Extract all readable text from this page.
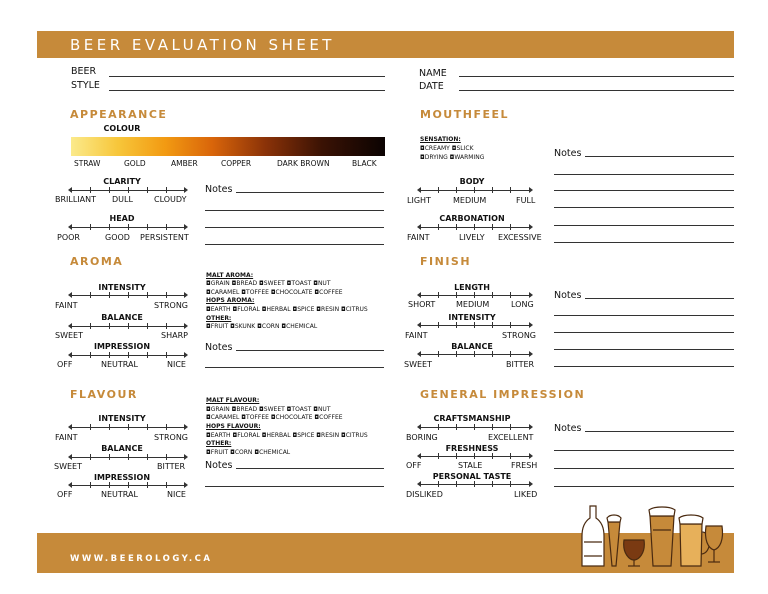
BEER EVALUATION SHEET
BEER
STYLE
NAME
DATE
APPEARANCE
COLOUR
STRAW	GOLD	AMBER	COPPER	DARK BROWN	BLACK
CLARITY
BRILLIANT DULL	CLOUDY
HEAD
POOR	GOOD PERSISTENT
Notes
MOUTHFEEL
SENSATION:
◘CREAMY ◘SLICK
◘DRYING ◘WARMING
BODY
LIGHT	MEDIUM	FULL
CARBONATION
FAINT	LIVELY EXCESSIVE
Notes
AROMA
INTENSITY
FAINT	STRONG
BALANCE
SWEET	SHARP
IMPRESSION
OFF	NEUTRAL	NICE
MALT AROMA:
◘GRAIN ◘BREAD ◘SWEET ◘TOAST ◘NUT
◘CARAMEL ◘TOFFEE ◘CHOCOLATE ◘COFFEE
HOPS AROMA:
◘EARTH ◘FLORAL ◘HERBAL ◘SPICE ◘RESIN ◘CITRUS
OTHER:
◘FRUIT ◘SKUNK ◘CORN ◘CHEMICAL
Notes
FINISH
LENGTH
SHORT	MEDIUM	LONG
INTENSITY
FAINT	STRONG
BALANCE
SWEET	BITTER
Notes
FLAVOUR
INTENSITY
FAINT	STRONG
BALANCE
SWEET	BITTER
IMPRESSION
OFF	NEUTRAL	NICE
MALT FLAVOUR:
◘GRAIN ◘BREAD ◘SWEET ◘TOAST ◘NUT
◘CARAMEL ◘TOFFEE ◘CHOCOLATE ◘COFFEE
HOPS FLAVOUR:
◘EARTH ◘FLORAL ◘HERBAL ◘SPICE ◘RESIN ◘CITRUS
OTHER:
◘FRUIT ◘CORN ◘CHEMICAL
Notes
GENERAL IMPRESSION
CRAFTSMANSHIP
BORING	EXCELLENT
FRESHNESS
OFF	STALE	FRESH
PERSONAL TASTE
DISLIKED	LIKED
Notes
WWW.BEEROLOGY.CA
